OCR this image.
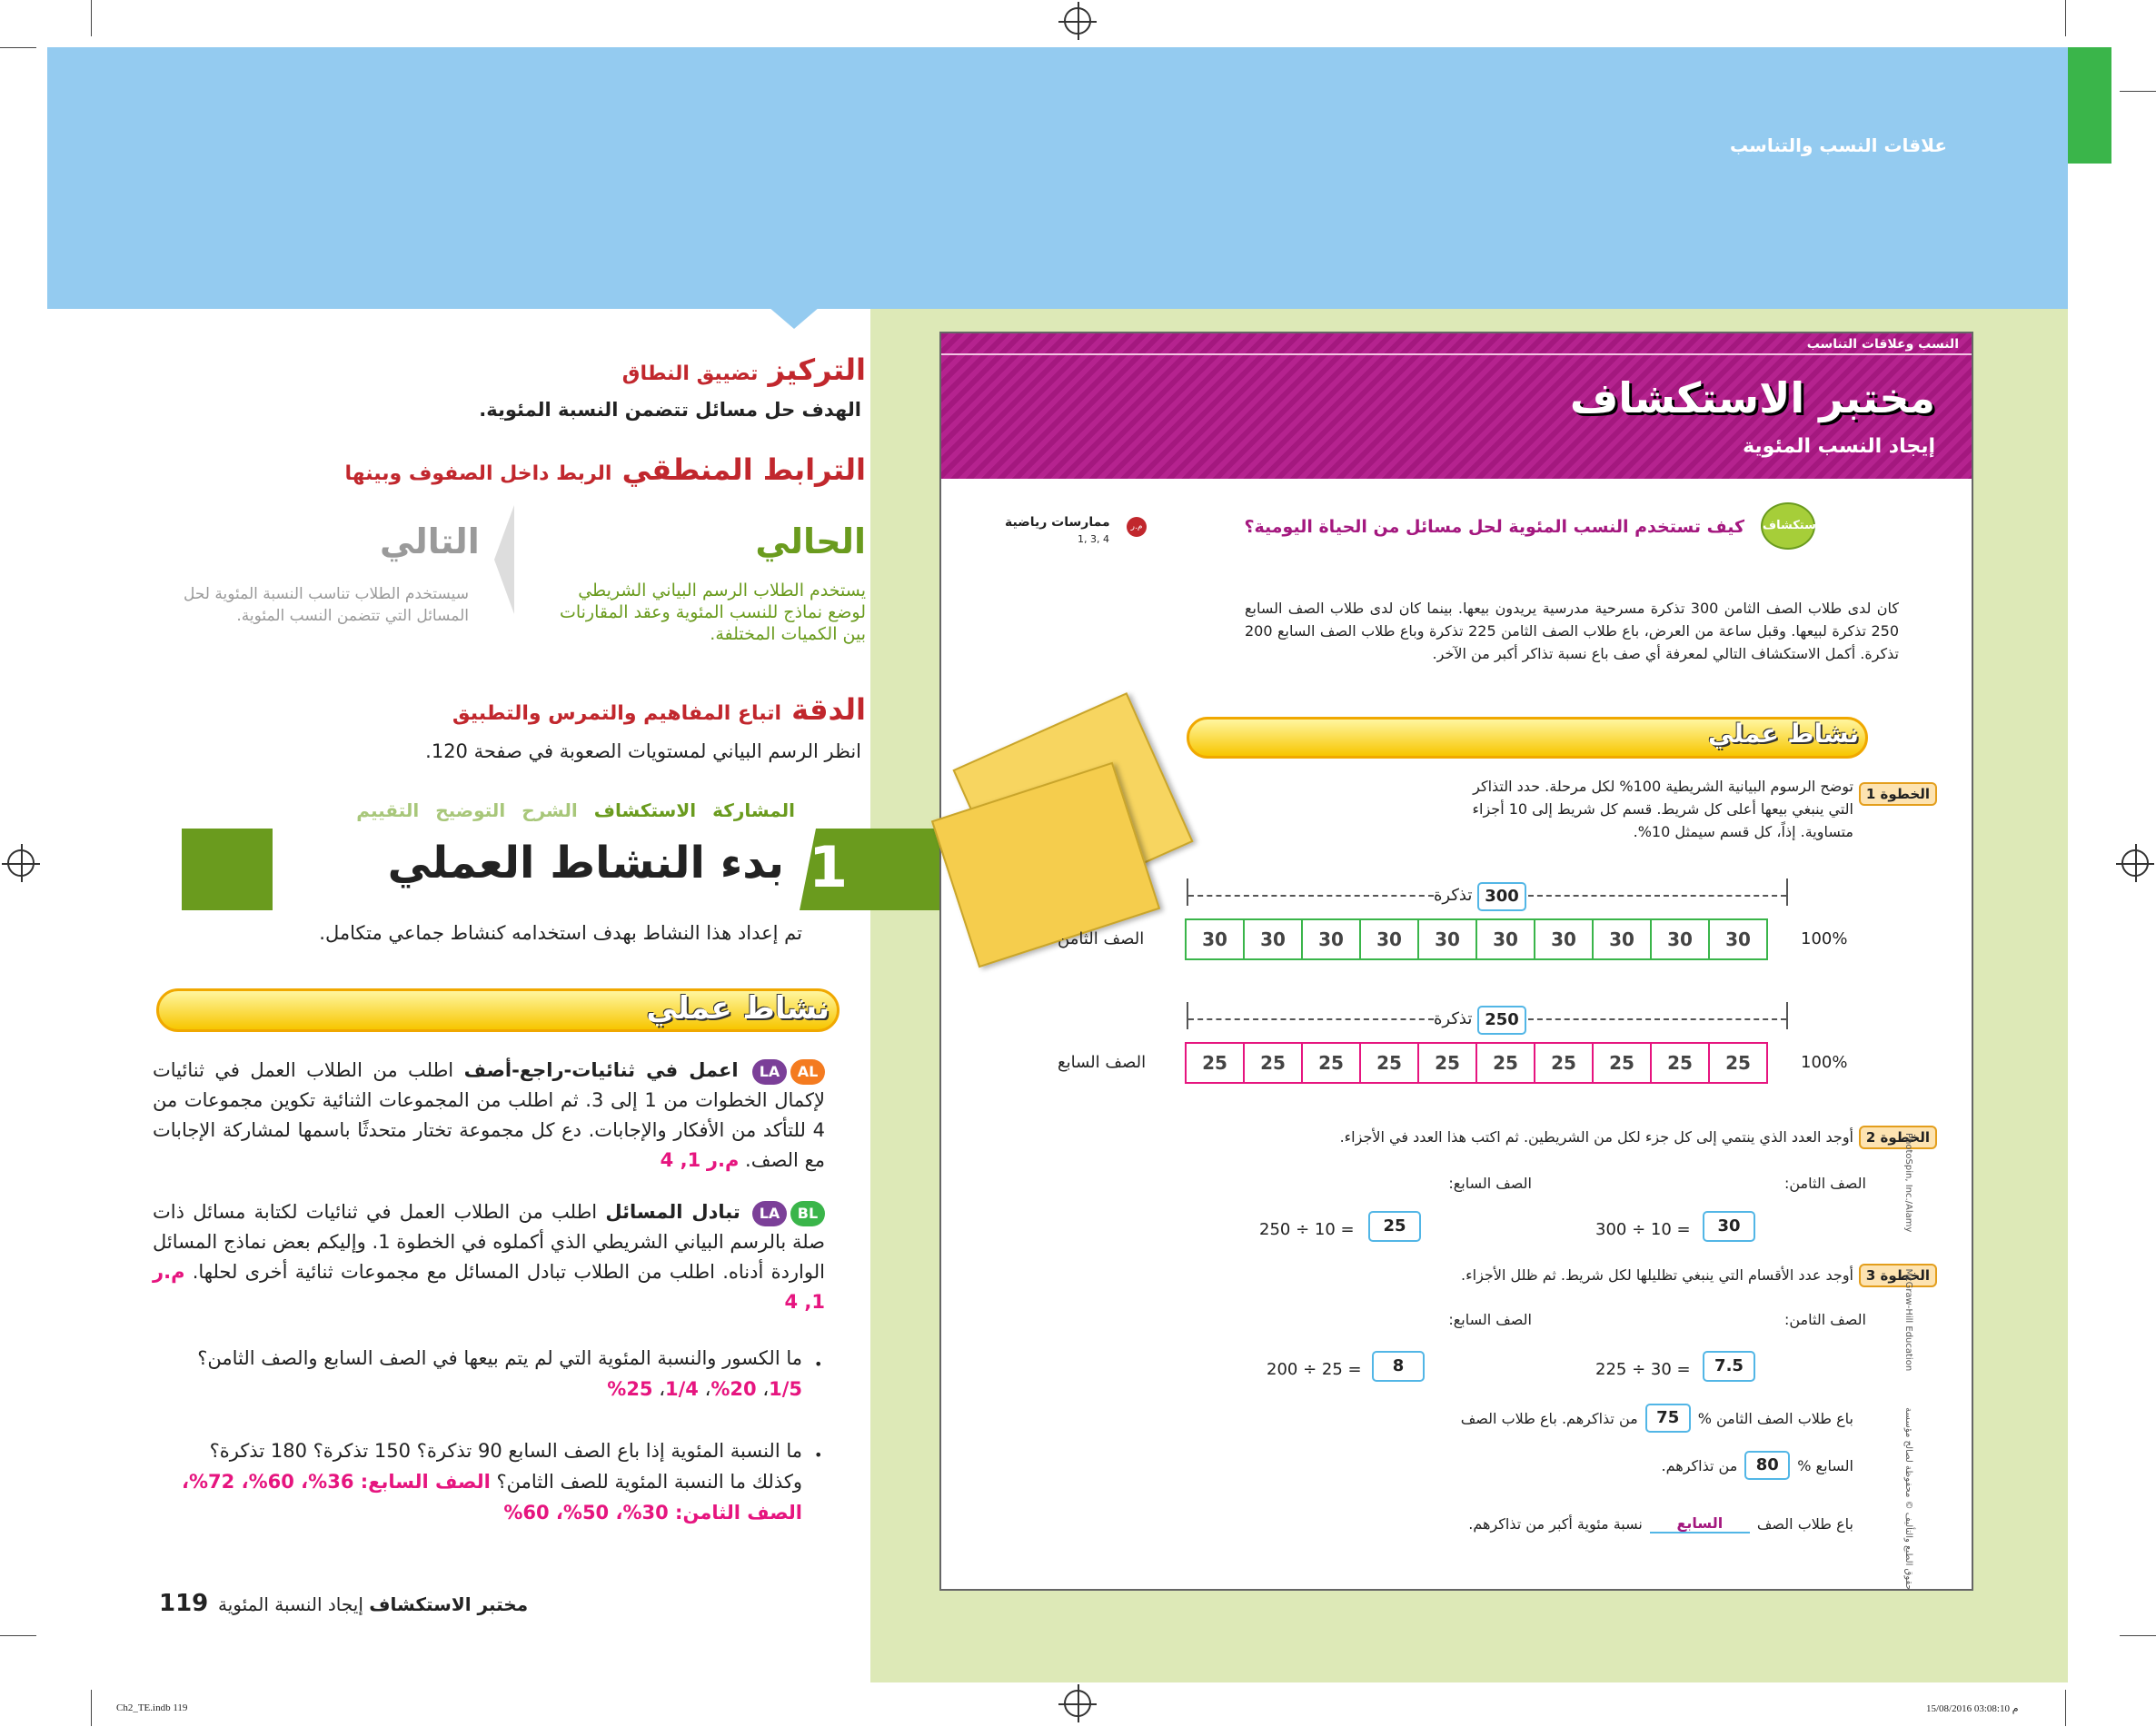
علاقات النسب والتناسب
التركيز تضييق النطاق
الهدف حل مسائل تتضمن النسبة المئوية.
الترابط المنطقي الربط داخل الصفوف وبينها
الحالي
يستخدم الطلاب الرسم البياني الشريطي لوضع نماذج للنسب المئوية وعقد المقارنات بين الكميات المختلفة.
التالي
سيستخدم الطلاب تناسب النسبة المئوية لحل المسائل التي تتضمن النسب المئوية.
الدقة اتباع المفاهيم والتمرس والتطبيق
انظر الرسم البياني لمستويات الصعوبة في صفحة 120.
المشاركة
الاستكشاف
الشرح
التوضيح
التقييم
1
بدء النشاط العملي
تم إعداد هذا النشاط بهدف استخدامه كنشاط جماعي متكامل.
نشاط عملي
ALLA اعمل في ثنائيات-راجع-أصف اطلب من الطلاب العمل في ثنائيات لإكمال الخطوات من 1 إلى 3. ثم اطلب من المجموعات الثنائية تكوين مجموعات من 4 للتأكد من الأفكار والإجابات. دع كل مجموعة تختار متحدثًا باسمها لمشاركة الإجابات مع الصف. م.ر 1, 4
BLLA تبادل المسائل اطلب من الطلاب العمل في ثنائيات لكتابة مسائل ذات صلة بالرسم البياني الشريطي الذي أكملوه في الخطوة 1. وإليكم بعض نماذج المسائل الواردة أدناه. اطلب من الطلاب تبادل المسائل مع مجموعات ثنائية أخرى لحلها. م.ر 1, 4
ما الكسور والنسبة المئوية التي لم يتم بيعها في الصف السابع والصف الثامن؟ 1/5، 20%، 1/4، 25%
•
ما النسبة المئوية إذا باع الصف السابع 90 تذكرة؟ 150 تذكرة؟ 180 تذكرة؟ وكذلك ما النسبة المئوية للصف الثامن؟ الصف السابع: 36%، 60%، 72%، الصف الثامن: 30%، 50%، 60%
•
119	مختبر الاستكشاف إيجاد النسبة المئوية
Ch2_TE.indb 119	15/08/2016 03:08:10 م
النسب وعلاقات التناسب
مختبر الاستكشاف
إيجاد النسب المئوية
الاستكشاف
كيف تستخدم النسب المئوية لحل مسائل من الحياة اليومية؟
م.ر
ممارسات رياضية
1, 3, 4
كان لدى طلاب الصف الثامن 300 تذكرة مسرحية مدرسية يريدون بيعها. بينما كان لدى طلاب الصف السابع 250 تذكرة لبيعها. وقبل ساعة من العرض، باع طلاب الصف الثامن 225 تذكرة وباع طلاب الصف السابع 200 تذكرة. أكمل الاستكشاف التالي لمعرفة أي صف باع نسبة تذاكر أكبر من الآخر.
نشاط عملي
الخطوة 1
توضح الرسوم البيانية الشريطية 100% لكل مرحلة. حدد التذاكر التي ينبغي بيعها أعلى كل شريط. قسم كل شريط إلى 10 أجزاء متساوية. إذاً، كل قسم سيمثل 10%.
300
تذكرة
30	30	30	30	30	30	30	30	30	30
الصف الثامن	100%
250
تذكرة
25	25	25	25	25	25	25	25	25	25
الصف السابع	100%
الخطوة 2
أوجد العدد الذي ينتمي إلى كل جزء لكل من الشريطين. ثم اكتب هذا العدد في الأجزاء.
الصف الثامن:
الصف السابع:
300 ÷ 10 =	30
250 ÷ 10 =	25
الخطوة 3
أوجد عدد الأقسام التي ينبغي تظليلها لكل شريط. ثم ظلل الأجزاء.
الصف الثامن:
الصف السابع:
225 ÷ 30 =	7.5
200 ÷ 25 =	8
باع طلاب الصف الثامن %
75
من تذاكرهم. باع طلاب الصف
السابع %
80
من تذاكرهم.
باع طلاب الصف
السابع
نسبة مئوية أكبر من تذاكرهم.
PhotoSpin, Inc./Alamy
McGraw-Hill Education
حقوق الطبع والتأليف © محفوظة لصالح مؤسسة
